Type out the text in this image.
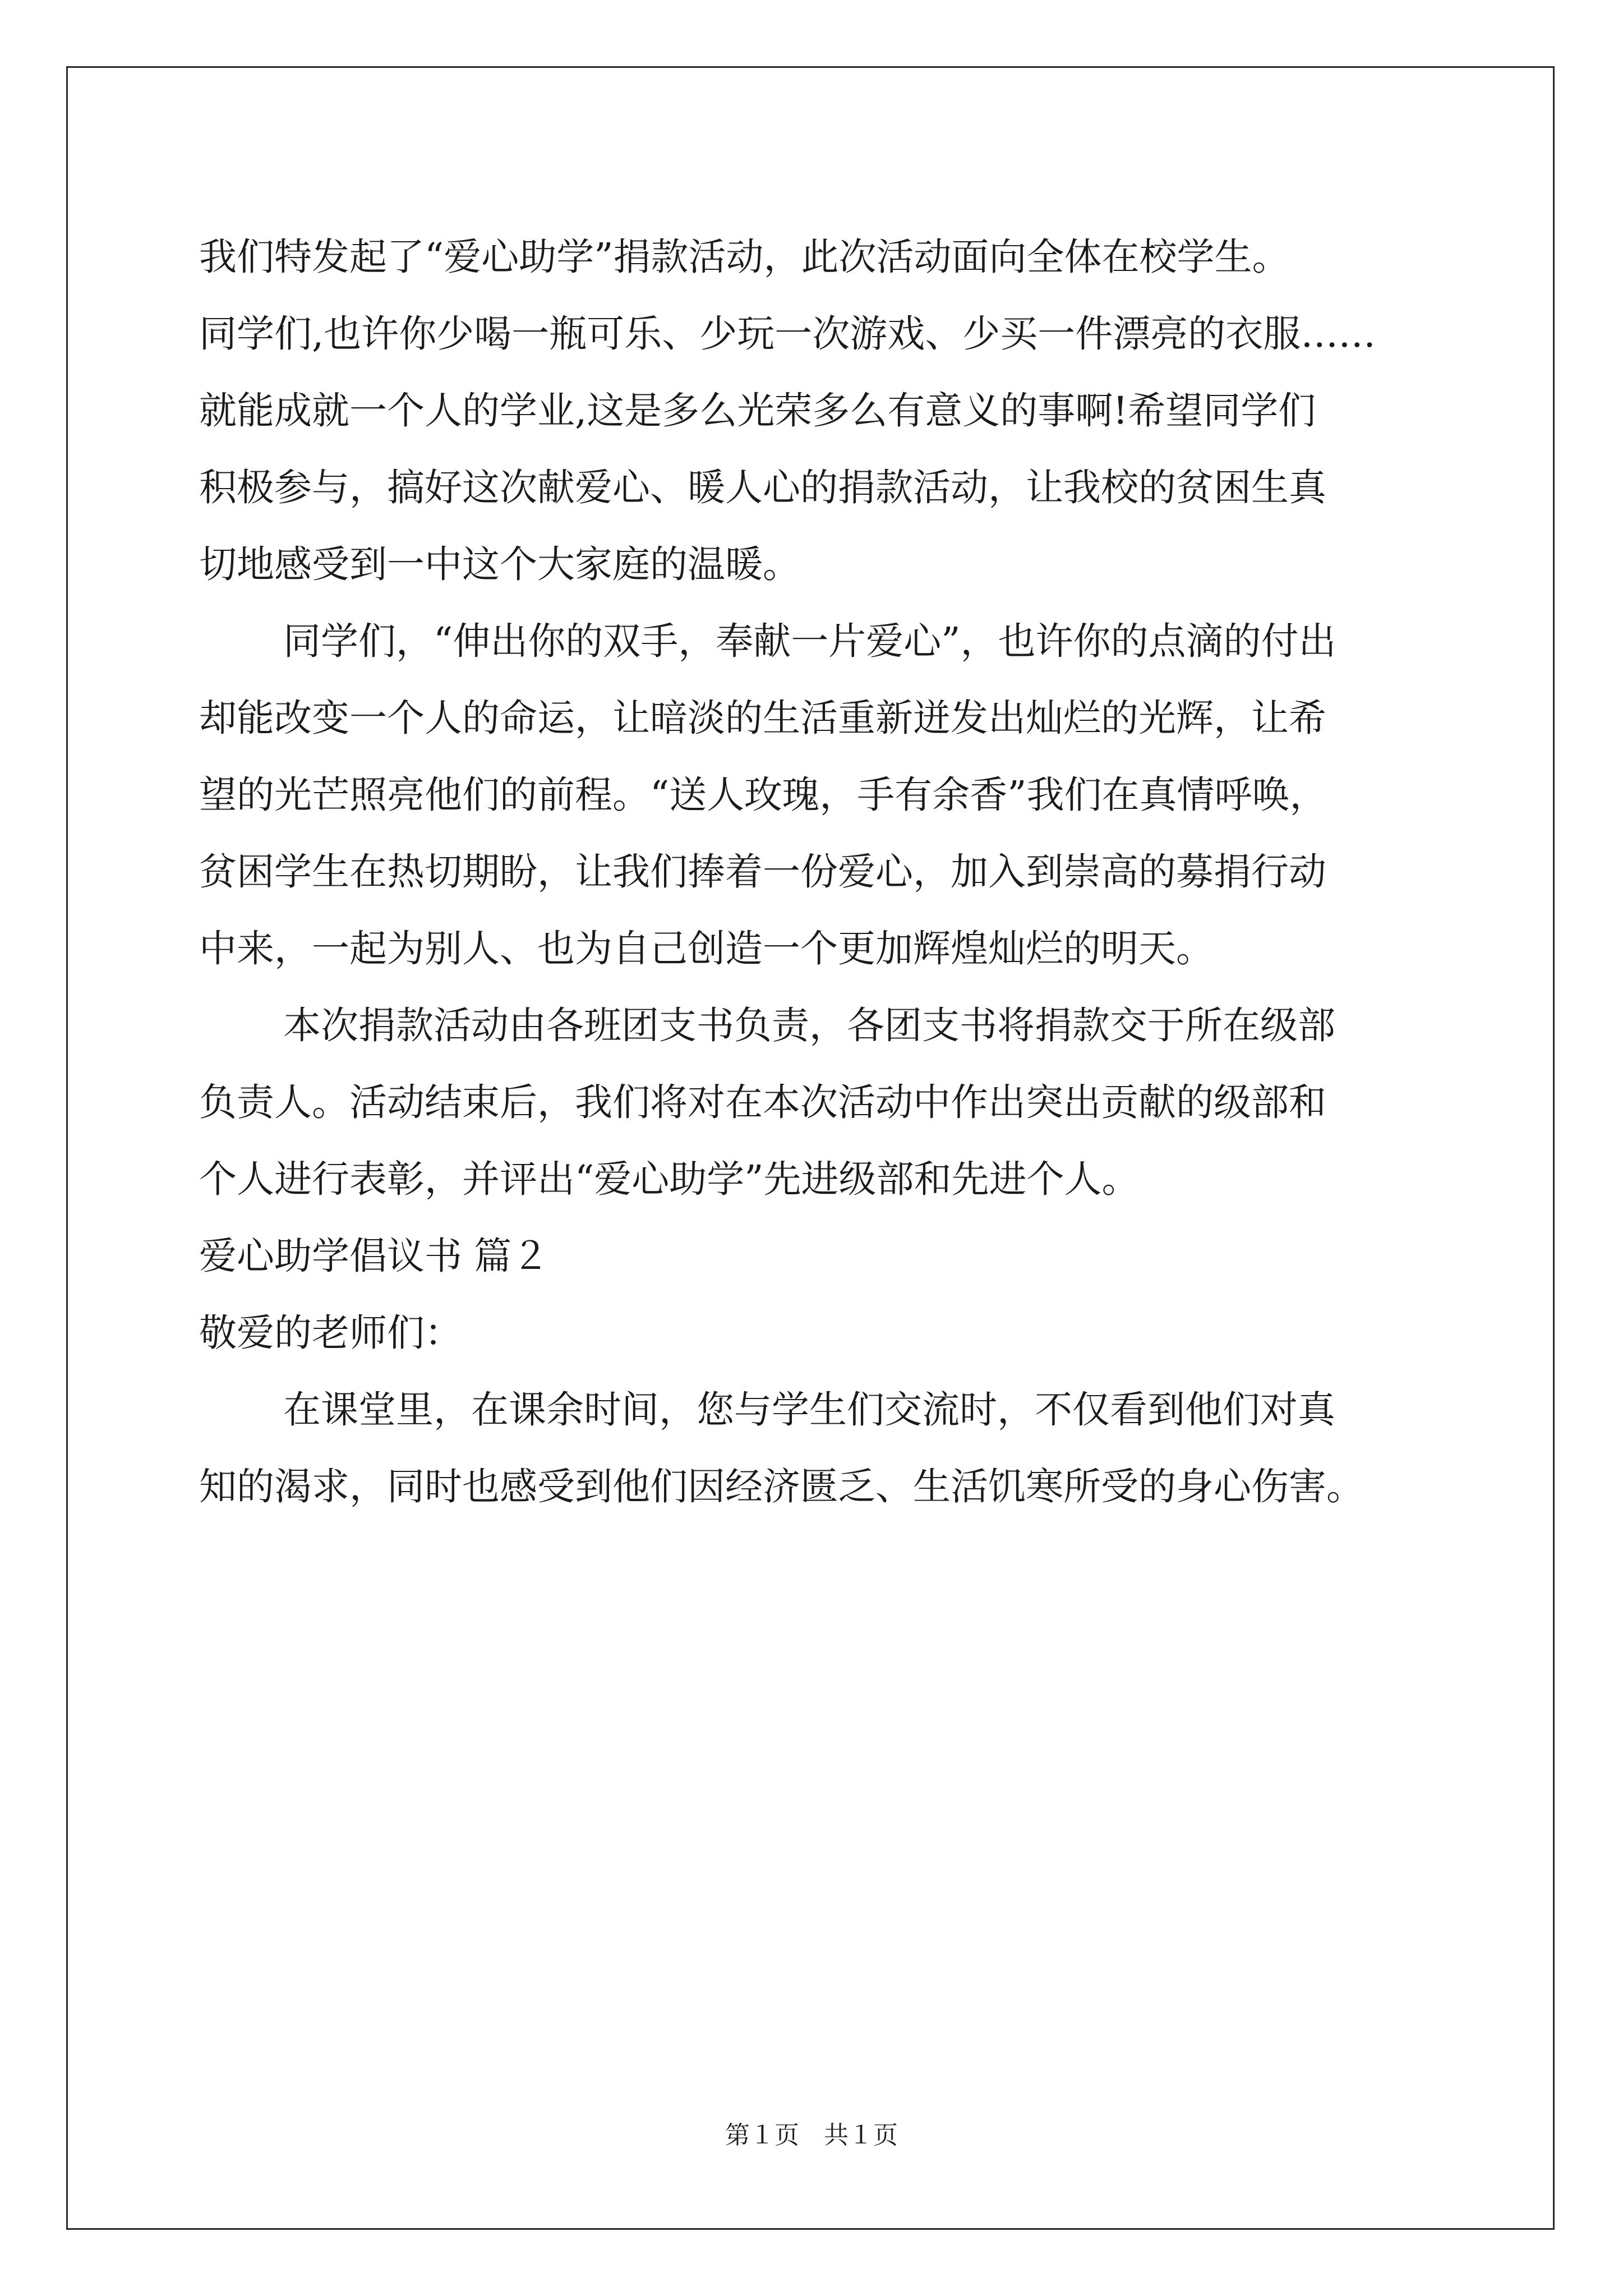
我们特发起了“爱心助学”捐款活动，此次活动面向全体在校学生。
同学们,也许你少喝一瓶可乐、少玩一次游戏、少买一件漂亮的衣服……
就能成就一个人的学业,这是多么光荣多么有意义的事啊!希望同学们
积极参与，搞好这次献爱心、暖人心的捐款活动，让我校的贫困生真
切地感受到一中这个大家庭的温暖。
同学们，“伸出你的双手，奉献一片爱心”，也许你的点滴的付出
却能改变一个人的命运，让暗淡的生活重新迸发出灿烂的光辉，让希
望的光芒照亮他们的前程。“送人玫瑰，手有余香”我们在真情呼唤，
贫困学生在热切期盼，让我们捧着一份爱心，加入到崇高的募捐行动
中来，一起为别人、也为自己创造一个更加辉煌灿烂的明天。
本次捐款活动由各班团支书负责，各团支书将捐款交于所在级部
负责人。活动结束后，我们将对在本次活动中作出突出贡献的级部和
个人进行表彰，并评出“爱心助学”先进级部和先进个人。
爱心助学倡议书 篇２
敬爱的老师们：
在课堂里，在课余时间，您与学生们交流时，不仅看到他们对真
知的渴求，同时也感受到他们因经济匮乏、生活饥寒所受的身心伤害。
第１页　共１页
